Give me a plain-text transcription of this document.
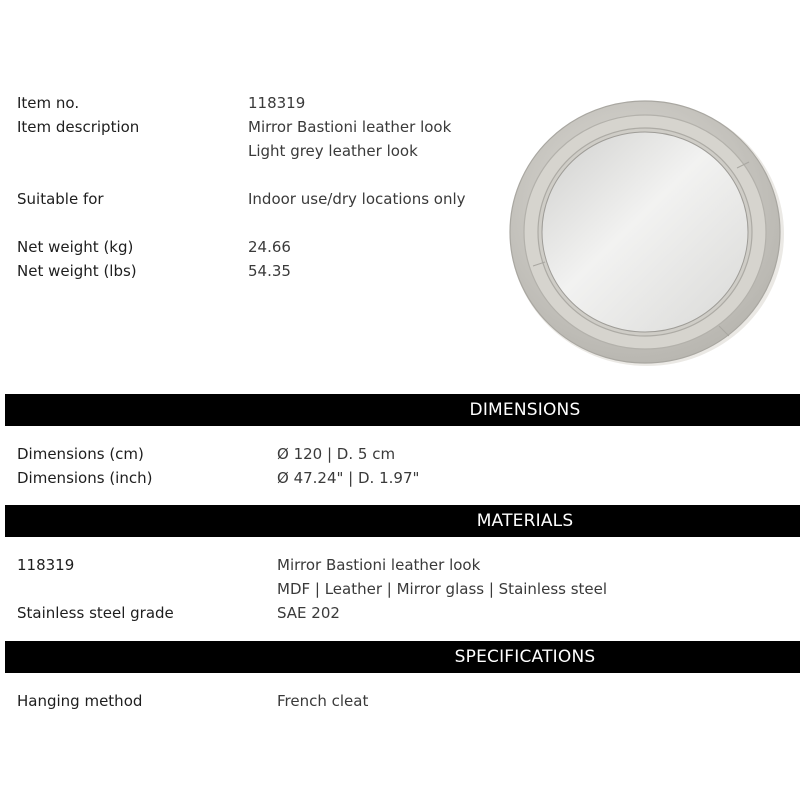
Item no.	118319
Item description	Mirror Bastioni leather look
Light grey leather look
Suitable for	Indoor use/dry locations only
Net weight (kg)	24.66
Net weight (lbs)	54.35
DIMENSIONS
Dimensions (cm)	Ø 120 | D. 5 cm
Dimensions (inch)	Ø 47.24" | D. 1.97"
MATERIALS
118319	Mirror Bastioni leather look
MDF | Leather | Mirror glass | Stainless steel
Stainless steel grade	SAE 202
SPECIFICATIONS
Hanging method	French cleat
